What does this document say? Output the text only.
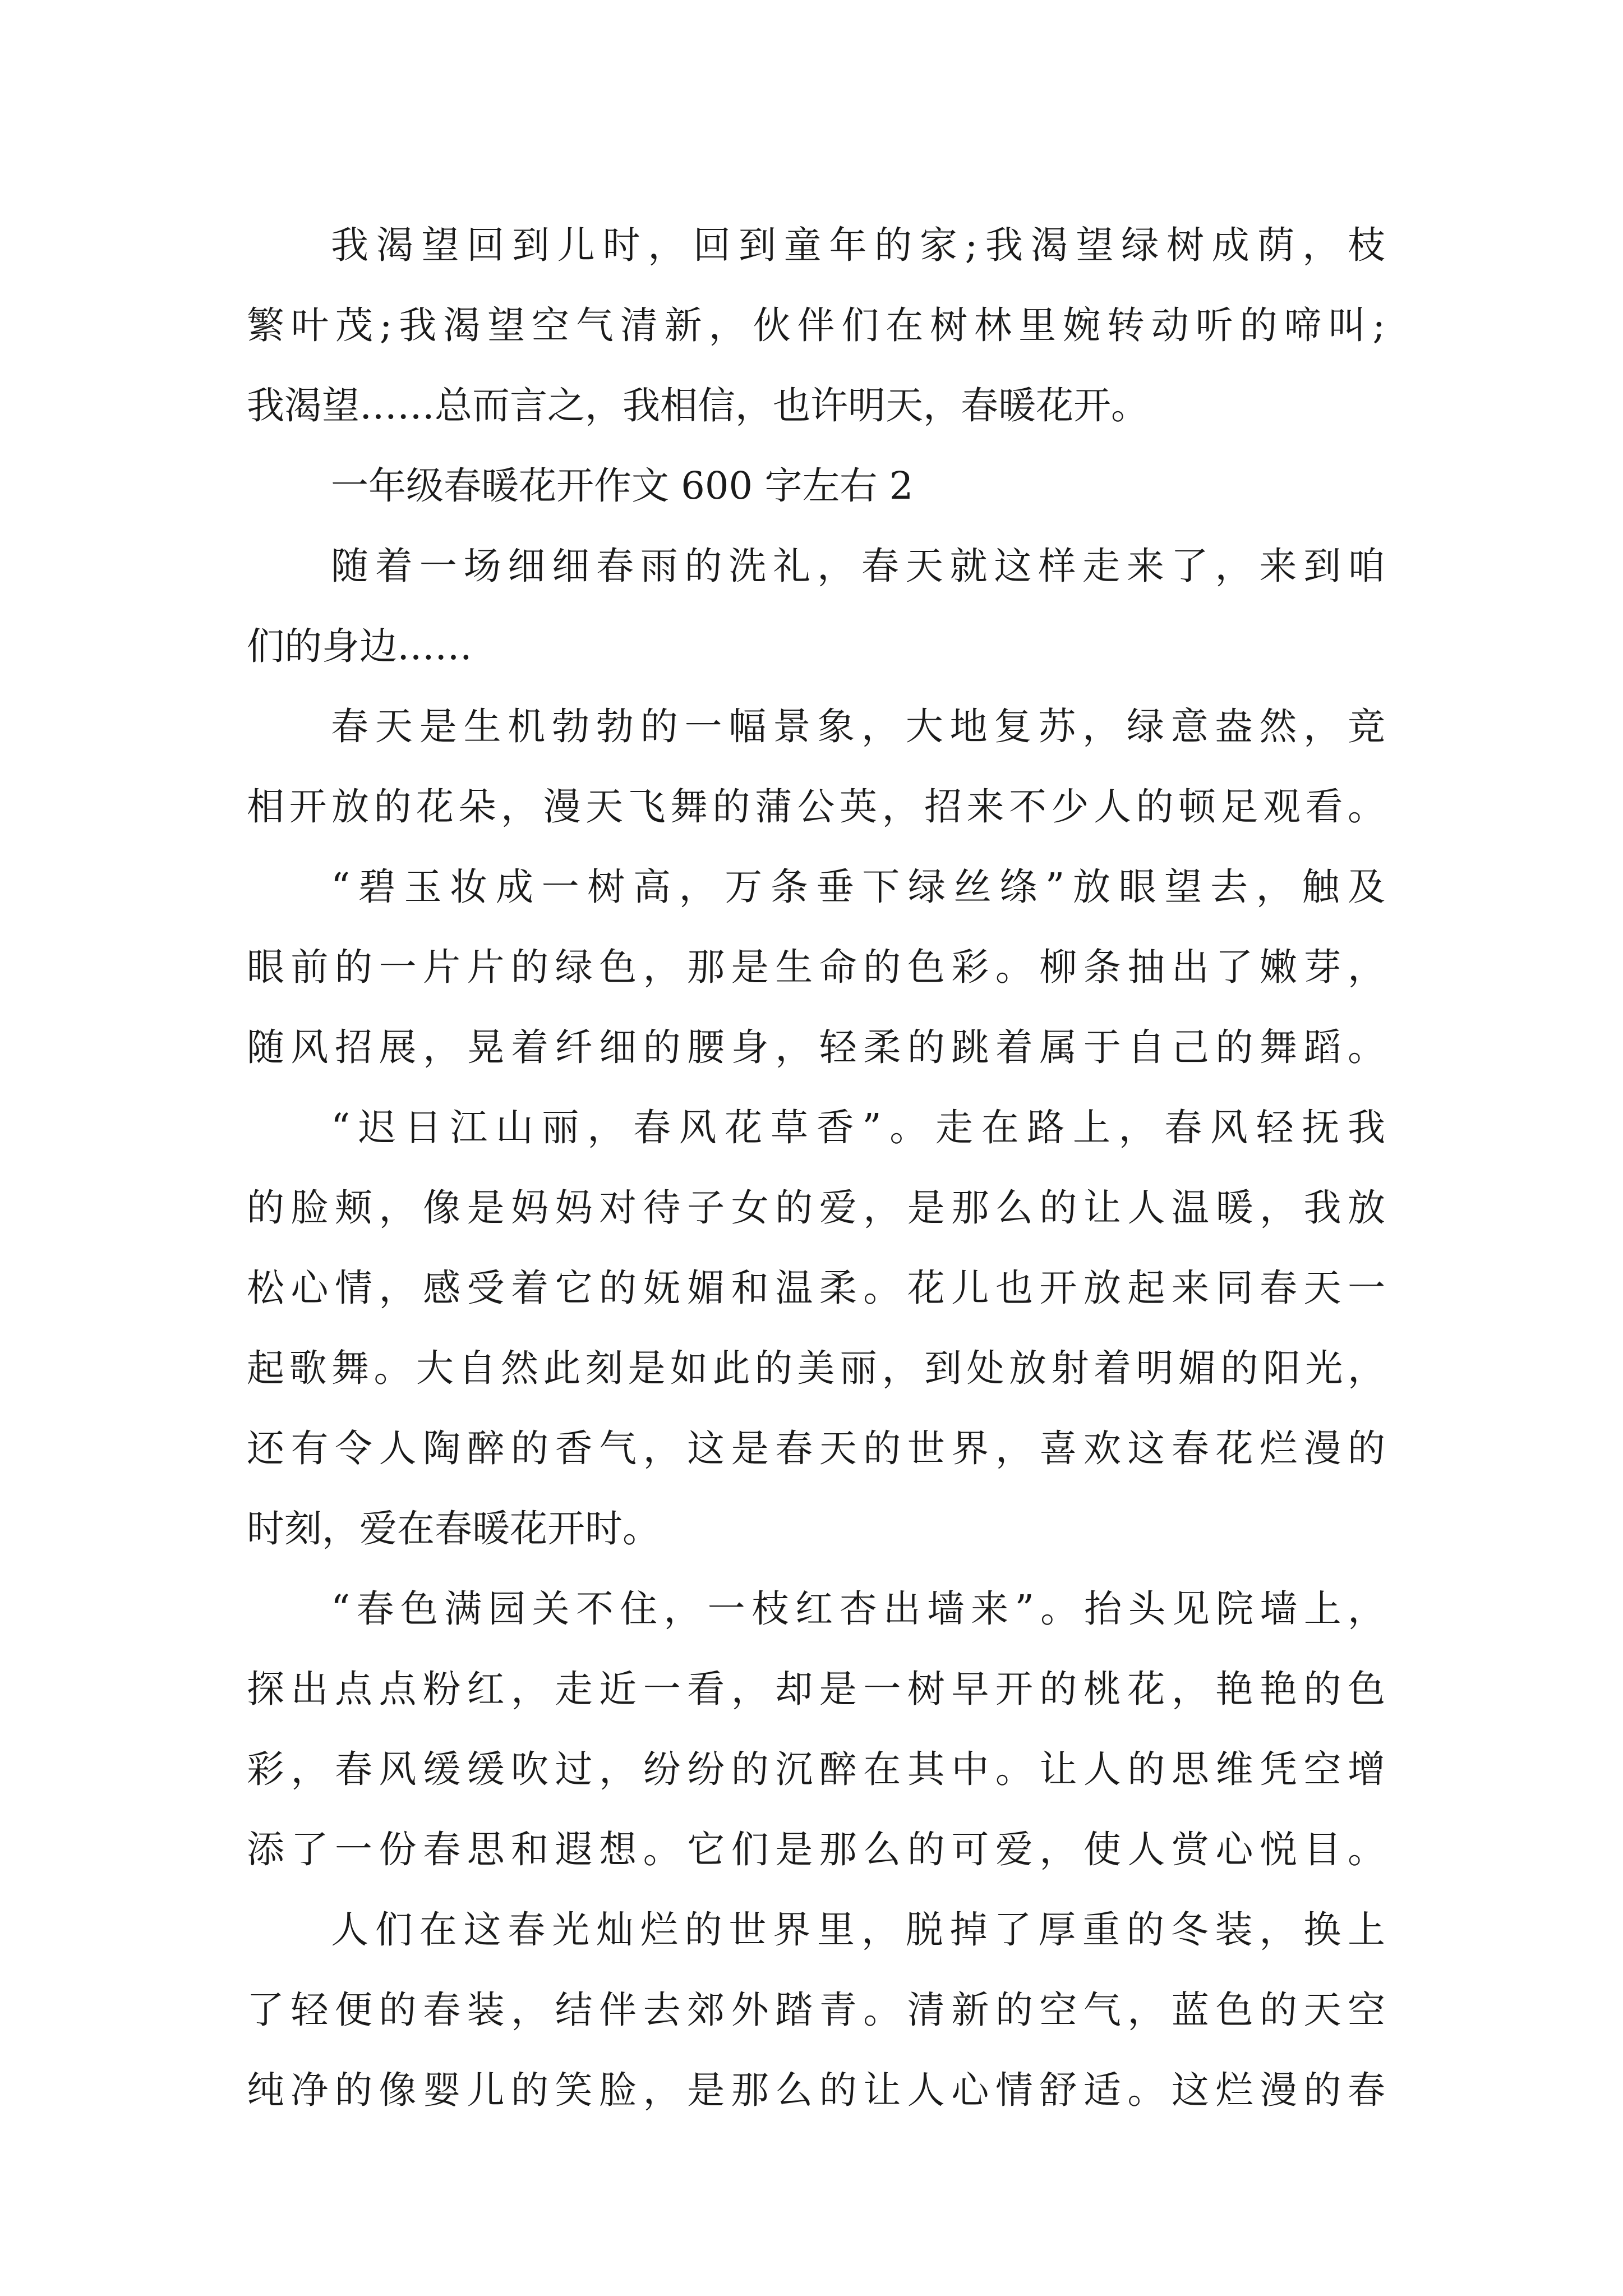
我渴望回到儿时，回到童年的家;我渴望绿树成荫，枝

繁叶茂;我渴望空气清新，伙伴们在树林里婉转动听的啼叫;

我渴望……总而言之，我相信，也许明天，春暖花开。

一年级春暖花开作文 600 字左右 2

随着一场细细春雨的洗礼，春天就这样走来了，来到咱

们的身边……

春天是生机勃勃的一幅景象，大地复苏，绿意盎然，竞

相开放的花朵，漫天飞舞的蒲公英，招来不少人的顿足观看。

“碧玉妆成一树高，万条垂下绿丝绦”放眼望去，触及

眼前的一片片的绿色，那是生命的色彩。柳条抽出了嫩芽，

随风招展，晃着纤细的腰身，轻柔的跳着属于自己的舞蹈。

“迟日江山丽，春风花草香”。走在路上，春风轻抚我

的脸颊，像是妈妈对待子女的爱，是那么的让人温暖，我放

松心情，感受着它的妩媚和温柔。花儿也开放起来同春天一

起歌舞。大自然此刻是如此的美丽，到处放射着明媚的阳光，

还有令人陶醉的香气，这是春天的世界，喜欢这春花烂漫的

时刻，爱在春暖花开时。

“春色满园关不住，一枝红杏出墙来”。抬头见院墙上，

探出点点粉红，走近一看，却是一树早开的桃花，艳艳的色

彩，春风缓缓吹过，纷纷的沉醉在其中。让人的思维凭空增

添了一份春思和遐想。它们是那么的可爱，使人赏心悦目。

人们在这春光灿烂的世界里，脱掉了厚重的冬装，换上

了轻便的春装，结伴去郊外踏青。清新的空气，蓝色的天空

纯净的像婴儿的笑脸，是那么的让人心情舒适。这烂漫的春
